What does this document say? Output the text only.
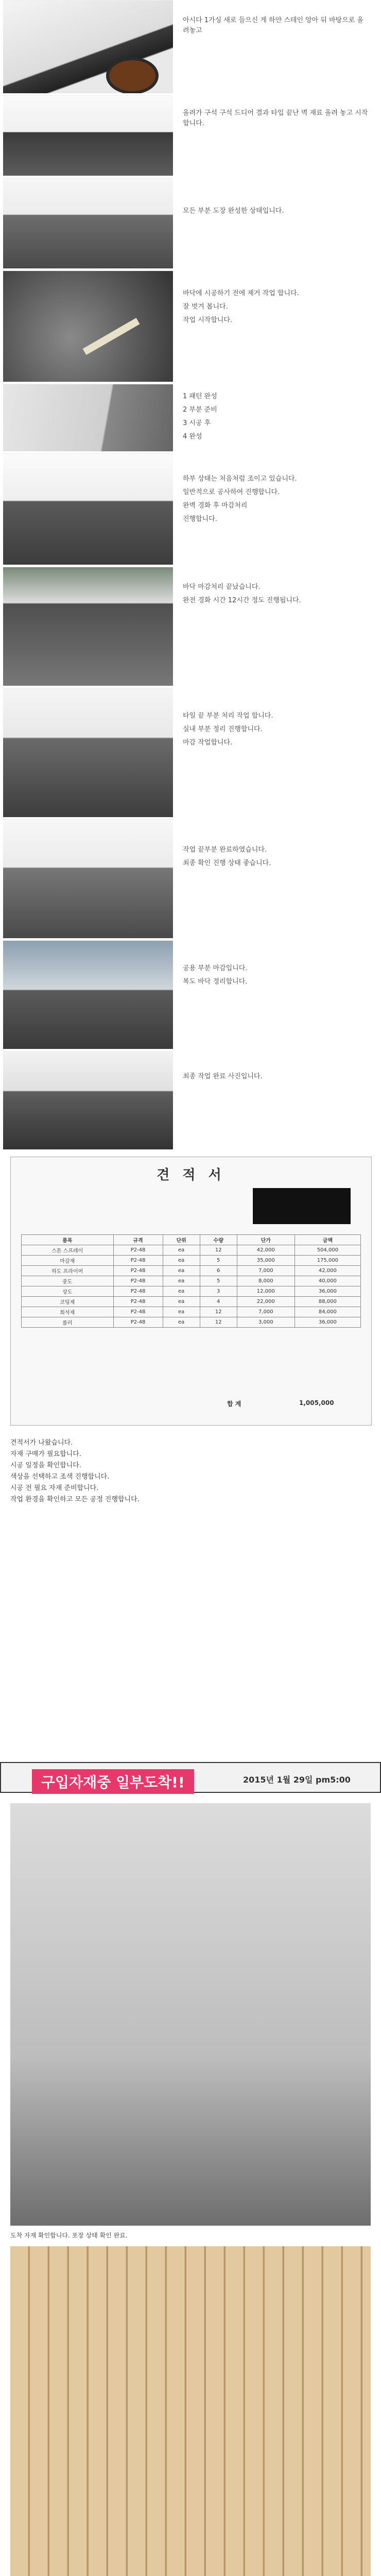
아시다 1가싱 새로 들으신 게 하얀 스테인 앙아 뒤 바탕으로 올려놓고

올려가 구석 구석 드디어 결과 타입 끝난 벽 재료 올려 놓고 시작합니다.

모든 부분 도장 완성한 상태입니다.

바닥에 시공하기 전에 제거 작업 합니다.

잘 벗겨 봅니다.

작업 시작합니다.

1 패턴 완성

2 부분 준비

3 시공 후

4 완성

하부 상태는 처음처럼 조이고 있습니다.

일반적으로 공사하여 진행합니다.

완벽 경화 후 마감처리

진행합니다.

바닥 마감처리 끝났습니다.

완전 경화 시간 12시간 정도 진행됩니다.

타일 끝 부분 처리 작업 합니다.

실내 부분 정리 진행합니다.

마감 작업합니다.

작업 끝부분 완료하였습니다.

최종 확인 진행 상태 좋습니다.

공용 부분 마감입니다.

복도 바닥 정리합니다.

최종 작업 완료 사진입니다.

견 적 서
품목	규격	단위	수량	단가	금액
스톤 스프레이	P2-48	ea	12	42,000	504,000
마감재	P2-48	ea	5	35,000	175,000
하도 프라이머	P2-48	ea	6	7,000	42,000
중도	P2-48	ea	5	8,000	40,000
상도	P2-48	ea	3	12,000	36,000
코팅제	P2-48	ea	4	22,000	88,000
희석제	P2-48	ea	12	7,000	84,000
롤러	P2-48	ea	12	3,000	36,000
합 계	1,005,000
견적서가 나왔습니다.
자재 구매가 필요합니다.
시공 일정을 확인합니다.
색상을 선택하고 조색 진행합니다.
시공 전 필요 자재 준비합니다.
작업 환경을 확인하고 모든 공정 진행합니다.
구입자재중 일부도착!!	2015년 1월 29일 pm5:00
도착 자재 확인합니다. 포장 상태 확인 완료.
